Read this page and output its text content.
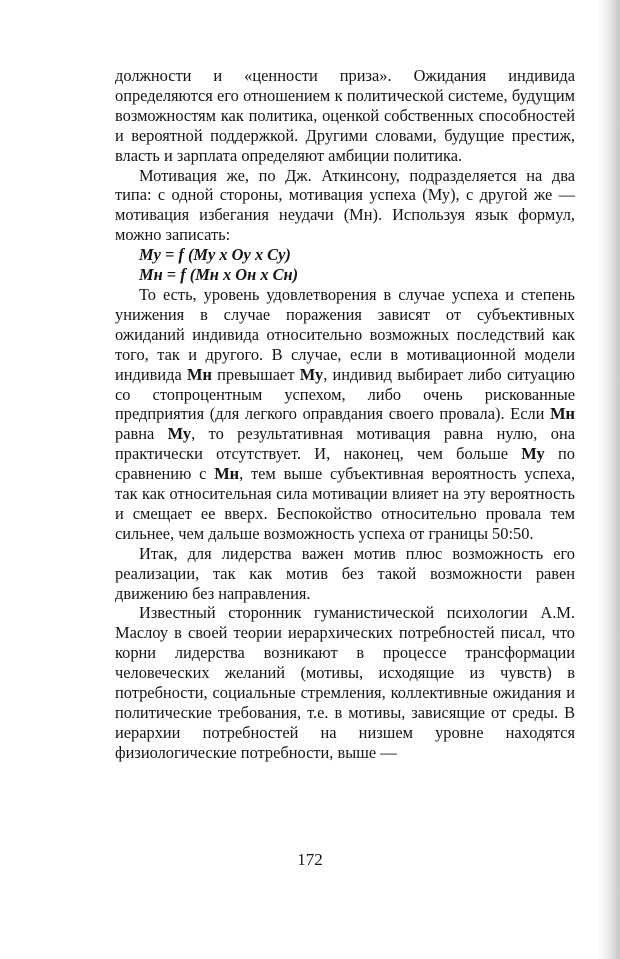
должности и «ценности приза». Ожидания индивида определяются его отношением к политической системе, будущим возможностям как политика, оценкой собственных способностей и вероятной поддержкой. Другими словами, будущие престиж, власть и зарплата определяют амбиции политика.

Мотивация же, по Дж. Аткинсону, подразделяется на два типа: с одной стороны, мотивация успеха (Му), с другой же — мотивация избегания неудачи (Мн). Используя язык формул, можно записать:

Му = f (Му х Оу х Су)

Мн = f (Мн х Он х Сн)

То есть, уровень удовлетворения в случае успеха и степень унижения в случае поражения зависят от субъективных ожиданий индивида относительно возможных последствий как того, так и другого. В случае, если в мотивационной модели индивида Мн превышает Му, индивид выбирает либо ситуацию со стопроцентным успехом, либо очень рискованные предприятия (для легкого оправдания своего провала). Если Мн равна Му, то результативная мотивация равна нулю, она практически отсутствует. И, наконец, чем больше Му по сравнению с Мн, тем выше субъективная вероятность успеха, так как относительная сила мотивации влияет на эту вероятность и смещает ее вверх. Беспокойство относительно провала тем сильнее, чем дальше возможность успеха от границы 50:50.

Итак, для лидерства важен мотив плюс возможность его реализации, так как мотив без такой возможности равен движению без направления.

Известный сторонник гуманистической психологии А.М. Маслоу в своей теории иерархических потребностей писал, что корни лидерства возникают в процессе трансформации человеческих желаний (мотивы, исходящие из чувств) в потребности, социальные стремления, коллективные ожидания и политические требования, т.е. в мотивы, зависящие от среды. В иерархии потребностей на низшем уровне находятся физиологические потребности, выше —

172
